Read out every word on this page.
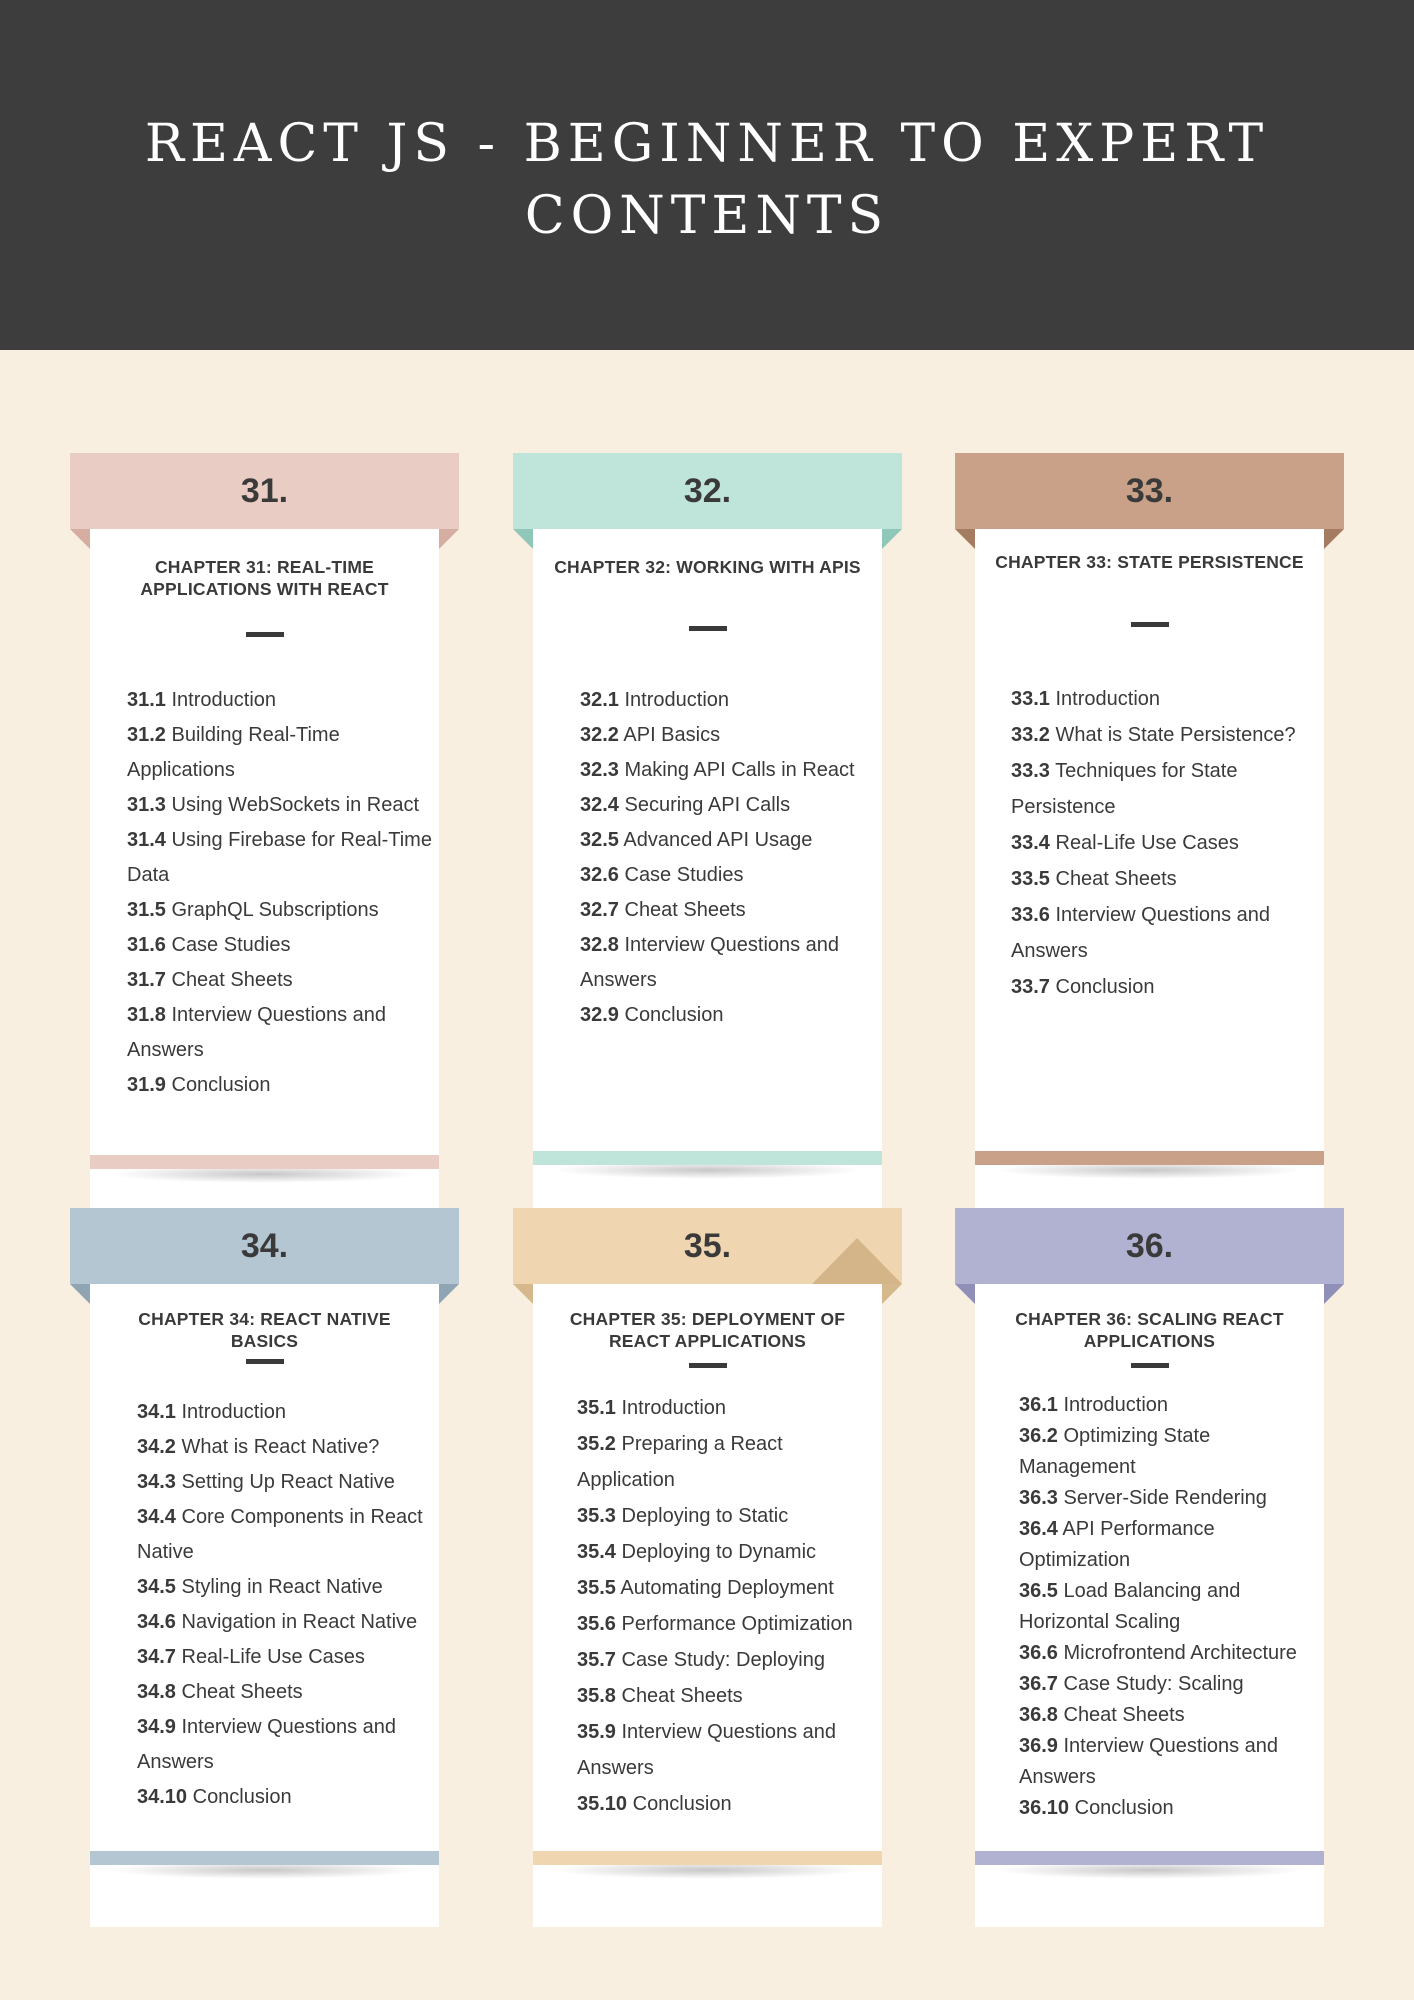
REACT JS - BEGINNER TO EXPERT
CONTENTS
31.
CHAPTER 31: REAL-TIME APPLICATIONS WITH REACT
31.1 Introduction
31.2 Building Real-Time Applications
31.3 Using WebSockets in React
31.4 Using Firebase for Real-Time Data
31.5 GraphQL Subscriptions
31.6 Case Studies
31.7 Cheat Sheets
31.8 Interview Questions and Answers
31.9 Conclusion
32.
CHAPTER 32: WORKING WITH APIS
32.1 Introduction
32.2 API Basics
32.3 Making API Calls in React
32.4 Securing API Calls
32.5 Advanced API Usage
32.6 Case Studies
32.7 Cheat Sheets
32.8 Interview Questions and Answers
32.9 Conclusion
33.
CHAPTER 33: STATE PERSISTENCE
33.1 Introduction
33.2 What is State Persistence?
33.3 Techniques for State Persistence
33.4 Real-Life Use Cases
33.5 Cheat Sheets
33.6 Interview Questions and Answers
33.7 Conclusion
34.
CHAPTER 34: REACT NATIVE BASICS
34.1 Introduction
34.2 What is React Native?
34.3 Setting Up React Native
34.4 Core Components in React Native
34.5 Styling in React Native
34.6 Navigation in React Native
34.7 Real-Life Use Cases
34.8 Cheat Sheets
34.9 Interview Questions and Answers
34.10 Conclusion
35.
CHAPTER 35: DEPLOYMENT OF REACT APPLICATIONS
35.1 Introduction
35.2 Preparing a React Application
35.3 Deploying to Static
35.4 Deploying to Dynamic
35.5 Automating Deployment
35.6 Performance Optimization
35.7 Case Study: Deploying
35.8 Cheat Sheets
35.9 Interview Questions and Answers
35.10 Conclusion
36.
CHAPTER 36: SCALING REACT APPLICATIONS
36.1 Introduction
36.2 Optimizing State Management
36.3 Server-Side Rendering
36.4 API Performance Optimization
36.5 Load Balancing and Horizontal Scaling
36.6 Microfrontend Architecture
36.7 Case Study: Scaling
36.8 Cheat Sheets
36.9 Interview Questions and Answers
36.10 Conclusion
